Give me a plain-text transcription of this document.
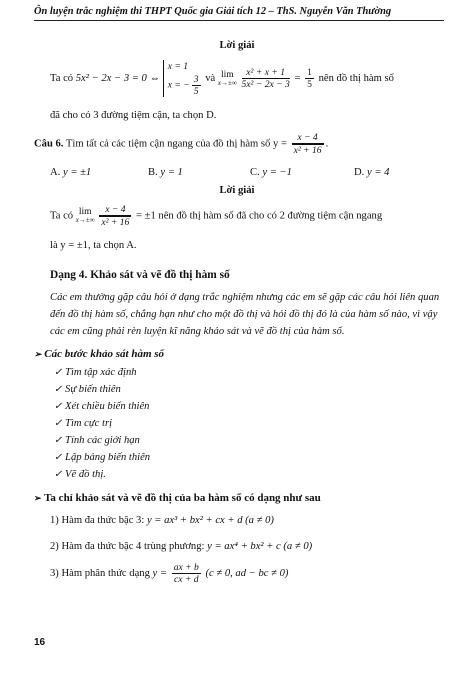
Ôn luyện trắc nghiệm thi THPT Quốc gia Giải tích 12 – ThS. Nguyễn Văn Thường
Lời giải
Ta có 5x² − 2x − 3 = 0 ⇔
x = 1
x = − $\frac{3}{5}$ và lim
x→±∞
$\frac{\text{x² + x + 1}}{\text{5x² − 2x − 3}} = \frac{1}{5}$ nên đồ thị hàm số
đã cho có 3 đường tiệm cận, ta chọn D.
Câu 6. Tìm tất cả các tiệm cận ngang của đồ thị hàm số $y = \frac{x - 4}{\text{x² + 16}}$ .
A. y = ±1	B. y = 1	C. y = −1	D. y = 4
Lời giải
Ta có lim
x→±∞
$\frac{x - 4}{\text{x² + 16}} = \pm 1$ nên đồ thị hàm số đã cho có 2 đường tiệm cận ngang
là y = ±1, ta chọn A.
Dạng 4. Khảo sát và vẽ đồ thị hàm số
Các em thường gặp câu hỏi ở dạng trắc nghiệm nhưng các em sẽ gặp các câu hỏi liên quan
đến đồ thị hàm số, chẳng hạn như cho một đồ thị và hỏi đồ thị đó là của hàm số nào, vì vậy
các em cũng phải rèn luyện kĩ năng khảo sát và vẽ đồ thị của hàm số.
➢ Các bước khảo sát hàm số
✓ Tìm tập xác định
✓ Sự biến thiên
✓ Xét chiều biến thiên
✓ Tìm cực trị
✓ Tính các giới hạn
✓ Lập bảng biến thiên
✓ Vẽ đồ thị.
➢ Ta chỉ khảo sát và vẽ đồ thị của ba hàm số có dạng như sau
1) Hàm đa thức bậc 3: y = ax³ + bx² + cx + d (a ≠ 0)
2) Hàm đa thức bậc 4 trùng phương: y = ax⁴ + bx² + c (a ≠ 0)
3) Hàm phân thức dạng $y = \frac{ax + b}{cx + d} (c \ne 0$, ad − bc ≠ 0)
16
